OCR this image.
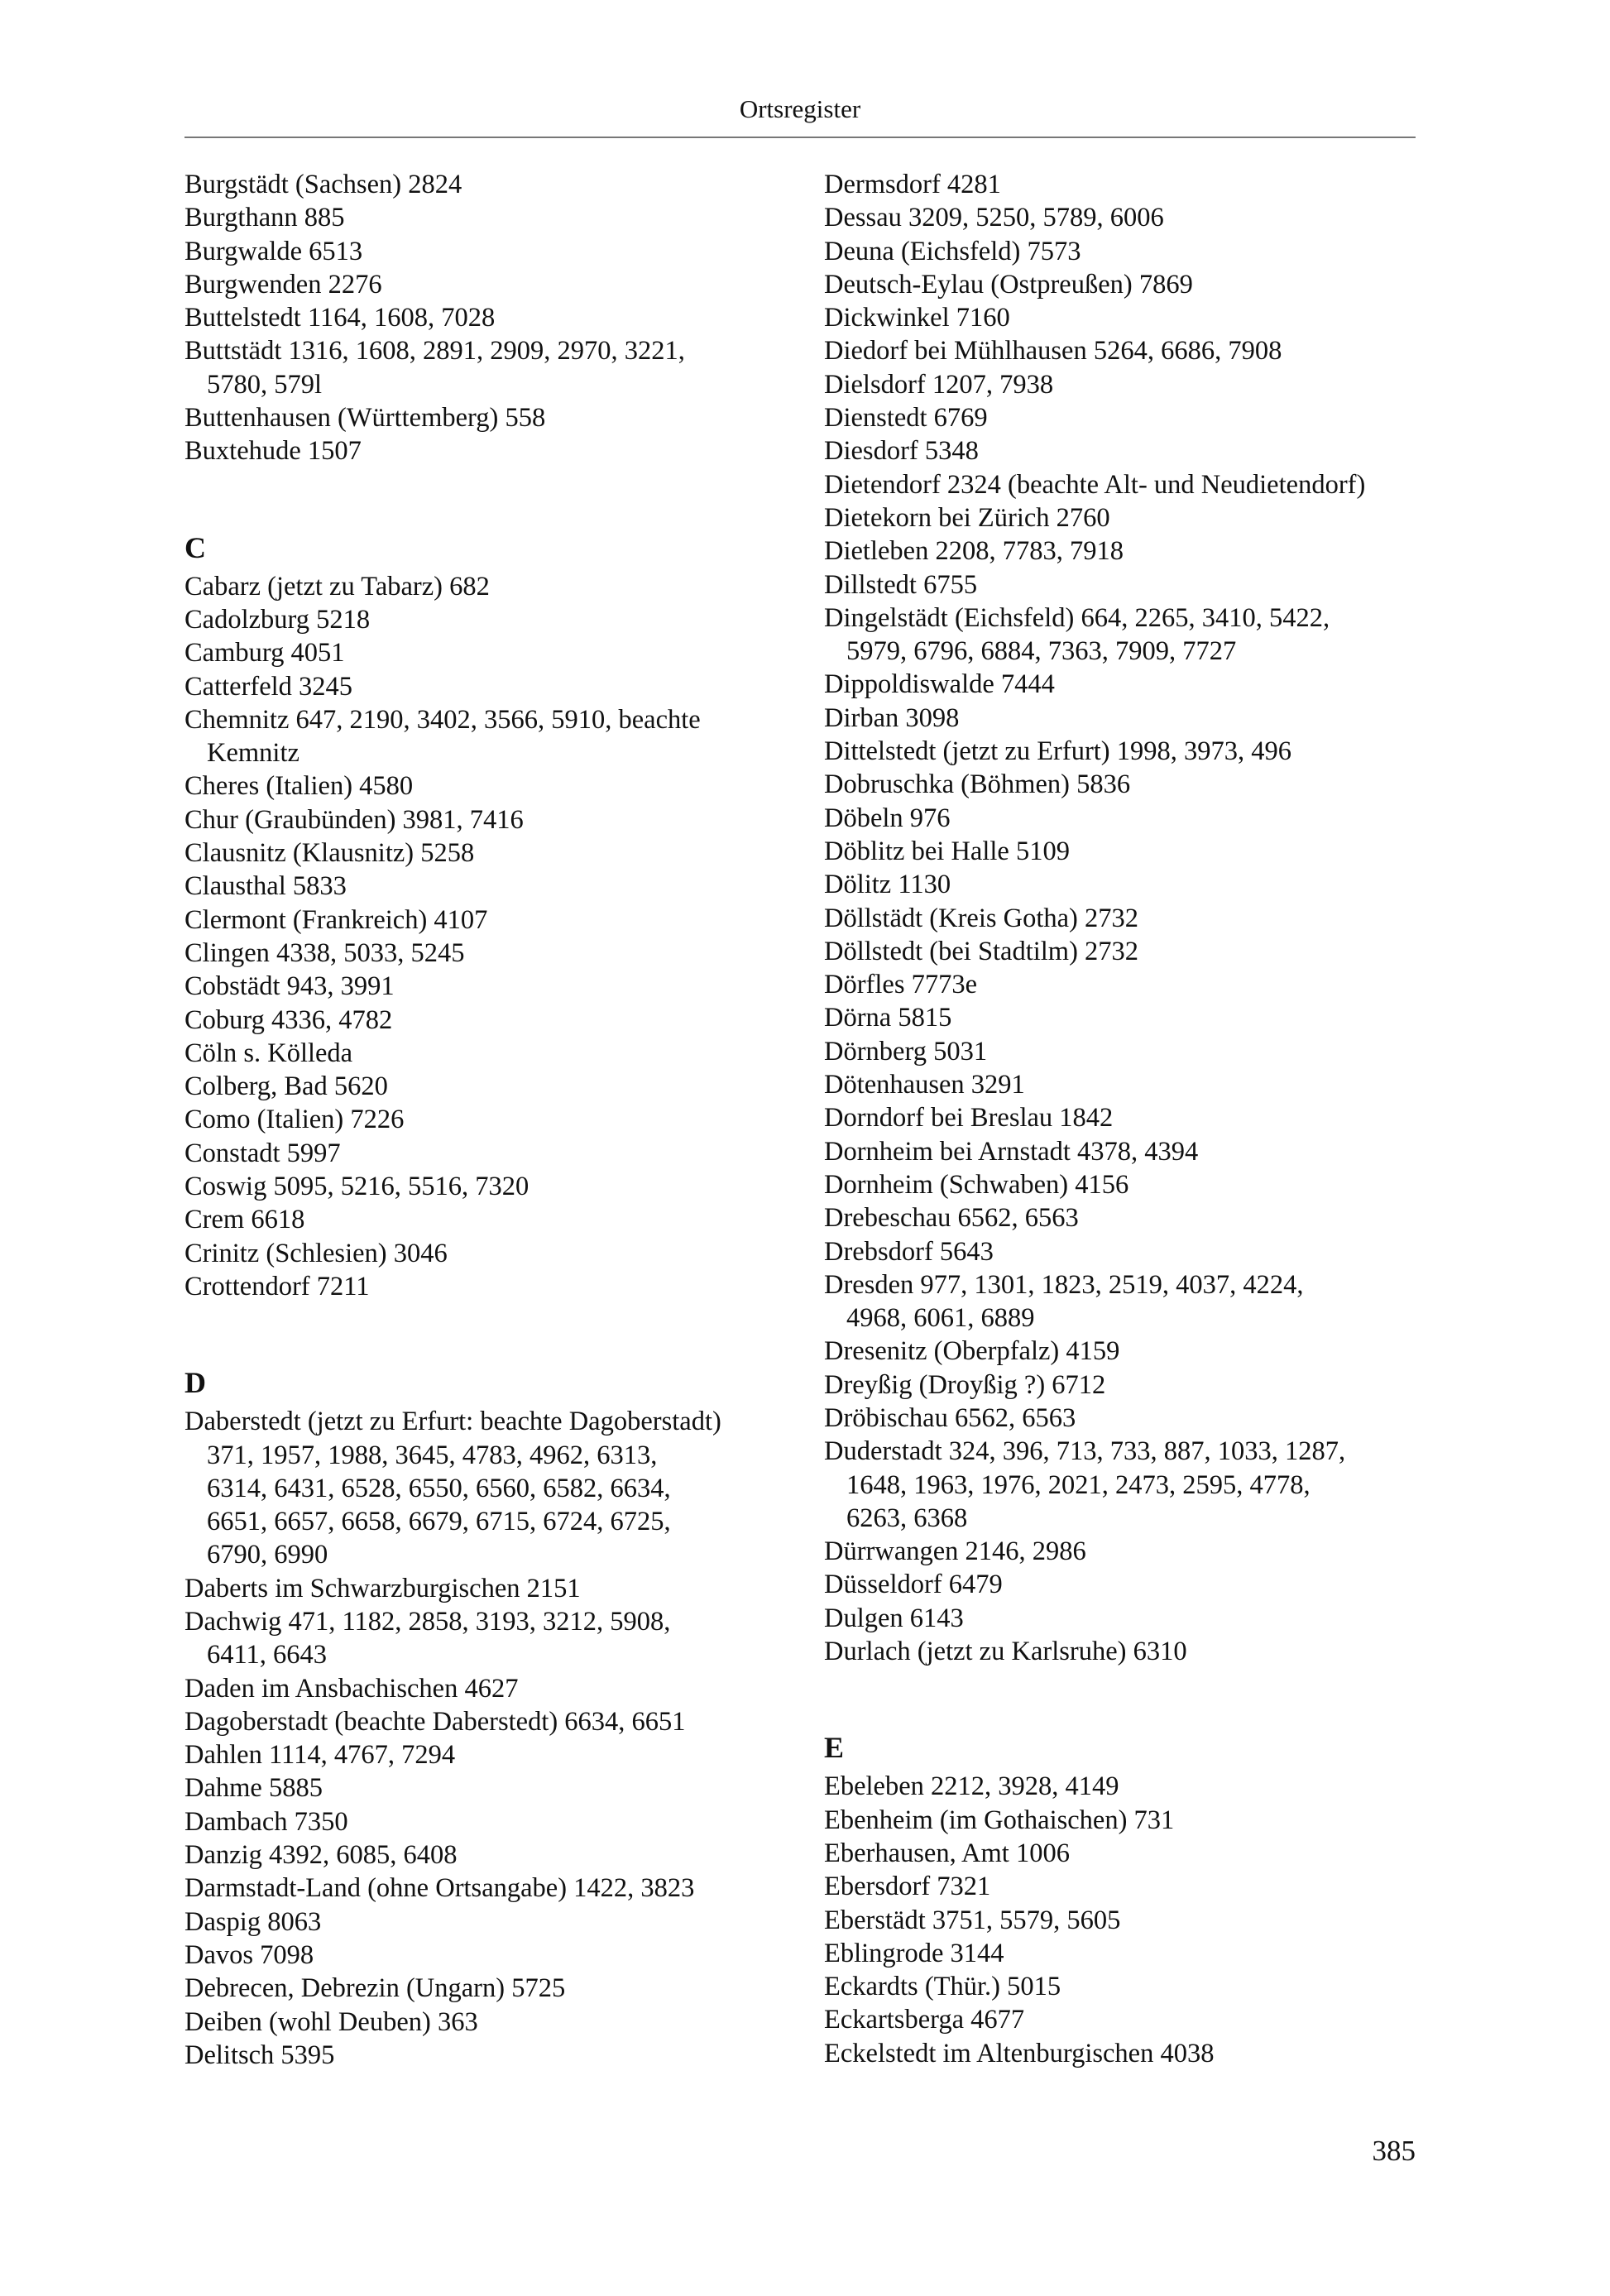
Ortsregister
Burgstädt (Sachsen) 2824
Burgthann 885
Burgwalde 6513
Burgwenden 2276
Buttelstedt 1164, 1608, 7028
Buttstädt 1316, 1608, 2891, 2909, 2970, 3221,
5780, 579l
Buttenhausen (Württemberg) 558
Buxtehude 1507
C
Cabarz (jetzt zu Tabarz) 682
Cadolzburg 5218
Camburg 4051
Catterfeld 3245
Chemnitz 647, 2190, 3402, 3566, 5910, beachte
Kemnitz
Cheres (Italien) 4580
Chur (Graubünden) 3981, 7416
Clausnitz (Klausnitz) 5258
Clausthal 5833
Clermont (Frankreich) 4107
Clingen 4338, 5033, 5245
Cobstädt 943, 3991
Coburg 4336, 4782
Cöln s. Kölleda
Colberg, Bad 5620
Como (Italien) 7226
Constadt 5997
Coswig 5095, 5216, 5516, 7320
Crem 6618
Crinitz (Schlesien) 3046
Crottendorf 7211
D
Daberstedt (jetzt zu Erfurt: beachte Dagoberstadt)
371, 1957, 1988, 3645, 4783, 4962, 6313,
6314, 6431, 6528, 6550, 6560, 6582, 6634,
6651, 6657, 6658, 6679, 6715, 6724, 6725,
6790, 6990
Daberts im Schwarzburgischen 2151
Dachwig 471, 1182, 2858, 3193, 3212, 5908,
6411, 6643
Daden im Ansbachischen 4627
Dagoberstadt (beachte Daberstedt) 6634, 6651
Dahlen 1114, 4767, 7294
Dahme 5885
Dambach 7350
Danzig 4392, 6085, 6408
Darmstadt-Land (ohne Ortsangabe) 1422, 3823
Daspig 8063
Davos 7098
Debrecen, Debrezin (Ungarn) 5725
Deiben (wohl Deuben) 363
Delitsch 5395
Dermsdorf 4281
Dessau 3209, 5250, 5789, 6006
Deuna (Eichsfeld) 7573
Deutsch-Eylau (Ostpreußen) 7869
Dickwinkel 7160
Diedorf bei Mühlhausen 5264, 6686, 7908
Dielsdorf 1207, 7938
Dienstedt 6769
Diesdorf 5348
Dietendorf 2324 (beachte Alt- und Neudietendorf)
Dietekorn bei Zürich 2760
Dietleben 2208, 7783, 7918
Dillstedt 6755
Dingelstädt (Eichsfeld) 664, 2265, 3410, 5422,
5979, 6796, 6884, 7363, 7909, 7727
Dippoldiswalde 7444
Dirban 3098
Dittelstedt (jetzt zu Erfurt) 1998, 3973, 496
Dobruschka (Böhmen) 5836
Döbeln 976
Döblitz bei Halle 5109
Dölitz 1130
Döllstädt (Kreis Gotha) 2732
Döllstedt (bei Stadtilm) 2732
Dörfles 7773e
Dörna 5815
Dörnberg 5031
Dötenhausen 3291
Dorndorf bei Breslau 1842
Dornheim bei Arnstadt 4378, 4394
Dornheim (Schwaben) 4156
Drebeschau 6562, 6563
Drebsdorf 5643
Dresden 977, 1301, 1823, 2519, 4037, 4224,
4968, 6061, 6889
Dresenitz (Oberpfalz) 4159
Dreyßig (Droyßig ?) 6712
Dröbischau 6562, 6563
Duderstadt 324, 396, 713, 733, 887, 1033, 1287,
1648, 1963, 1976, 2021, 2473, 2595, 4778,
6263, 6368
Dürrwangen 2146, 2986
Düsseldorf 6479
Dulgen 6143
Durlach (jetzt zu Karlsruhe) 6310
E
Ebeleben 2212, 3928, 4149
Ebenheim (im Gothaischen) 731
Eberhausen, Amt 1006
Ebersdorf 7321
Eberstädt 3751, 5579, 5605
Eblingrode 3144
Eckardts (Thür.) 5015
Eckartsberga 4677
Eckelstedt im Altenburgischen 4038
385
